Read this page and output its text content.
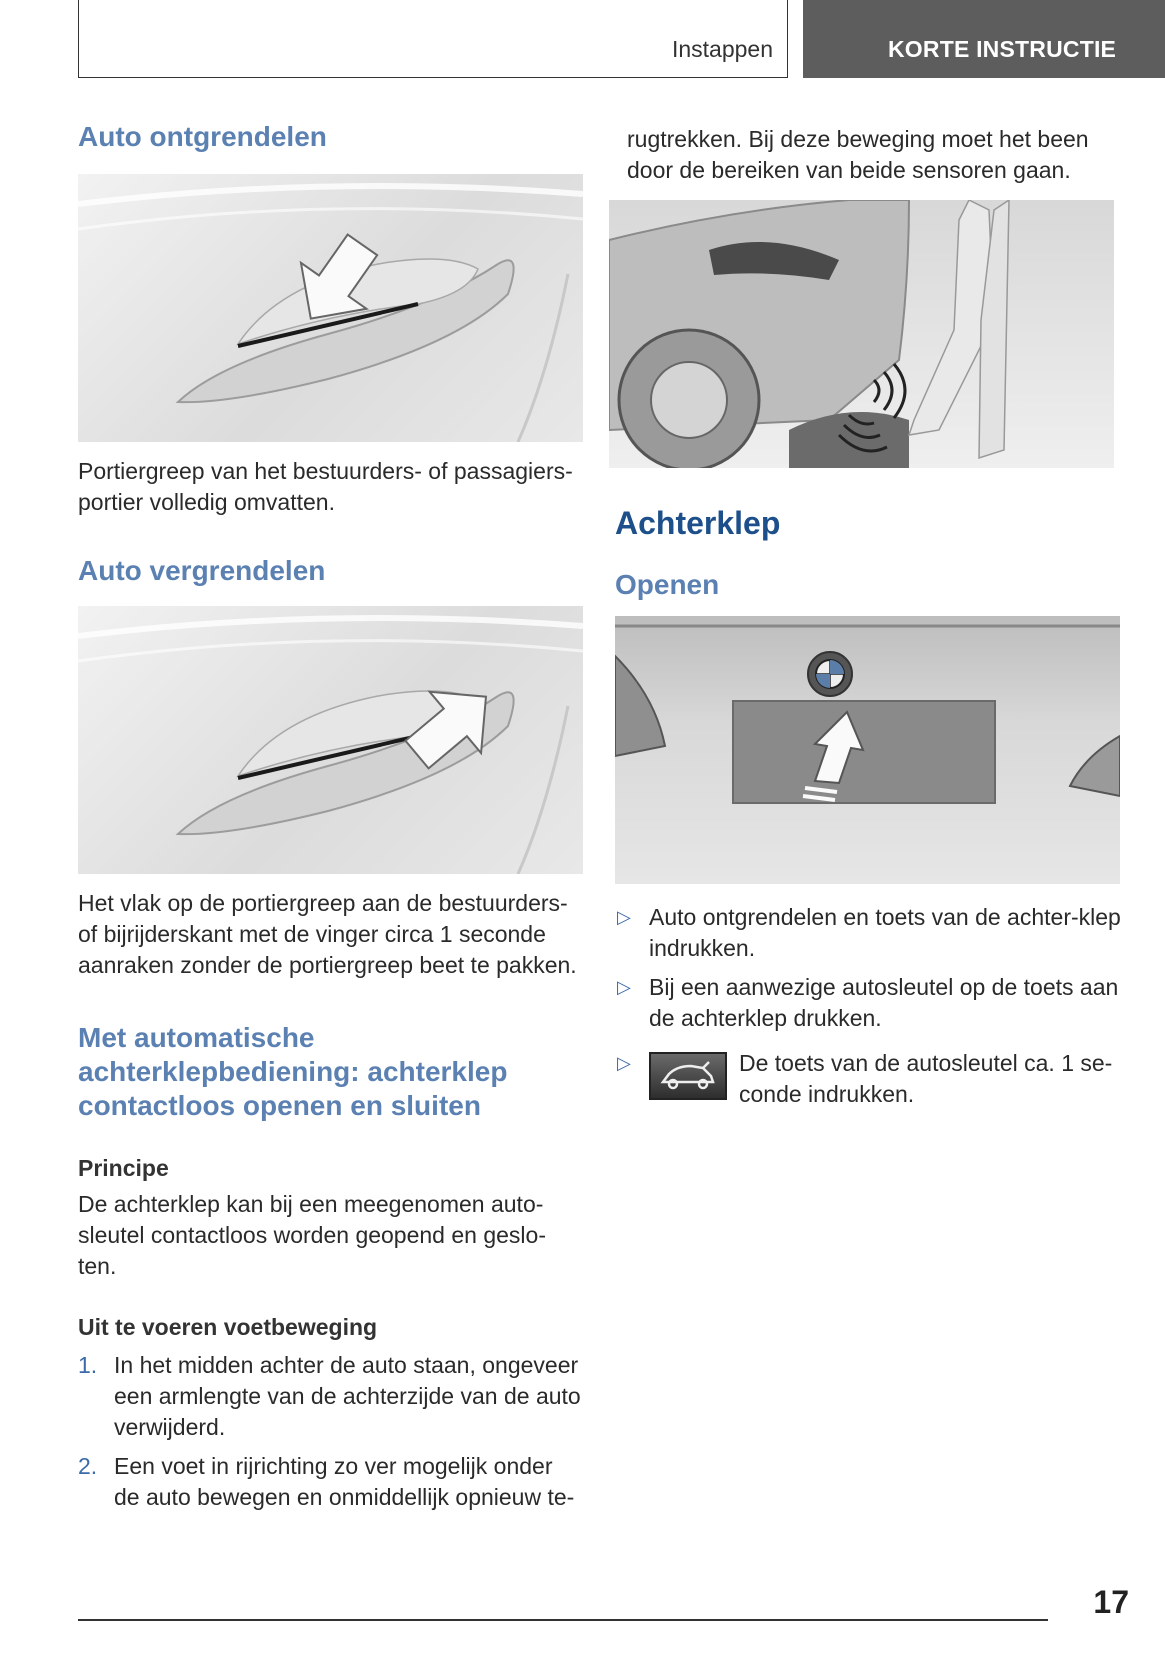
Instappen	KORTE INSTRUCTIE
Auto ontgrendelen

Portiergreep van het bestuurders- of passagiers-portier volledig omvatten.

Auto vergrendelen

Het vlak op de portiergreep aan de bestuurders- of bijrijderskant met de vinger circa 1 seconde aanraken zonder de portiergreep beet te pakken.

Met automatische achterklepbediening: achterklep contactloos openen en sluiten
Principe

De achterklep kan bij een meegenomen auto-sleutel contactloos worden geopend en geslo-ten.

Uit te voeren voetbeweging
1. In het midden achter de auto staan, ongeveer een armlengte van de achterzijde van de auto verwijderd.
2. Een voet in rijrichting zo ver mogelijk onder de auto bewegen en onmiddellijk opnieuw te-

rugtrekken. Bij deze beweging moet het been door de bereiken van beide sensoren gaan.

Achterklep
Openen
▷ Auto ontgrendelen en toets van de achter-klep indrukken.
▷ Bij een aanwezige autosleutel op de toets aan de achterklep drukken.
▷	De toets van de autosleutel ca. 1 se-conde indrukken.
17
